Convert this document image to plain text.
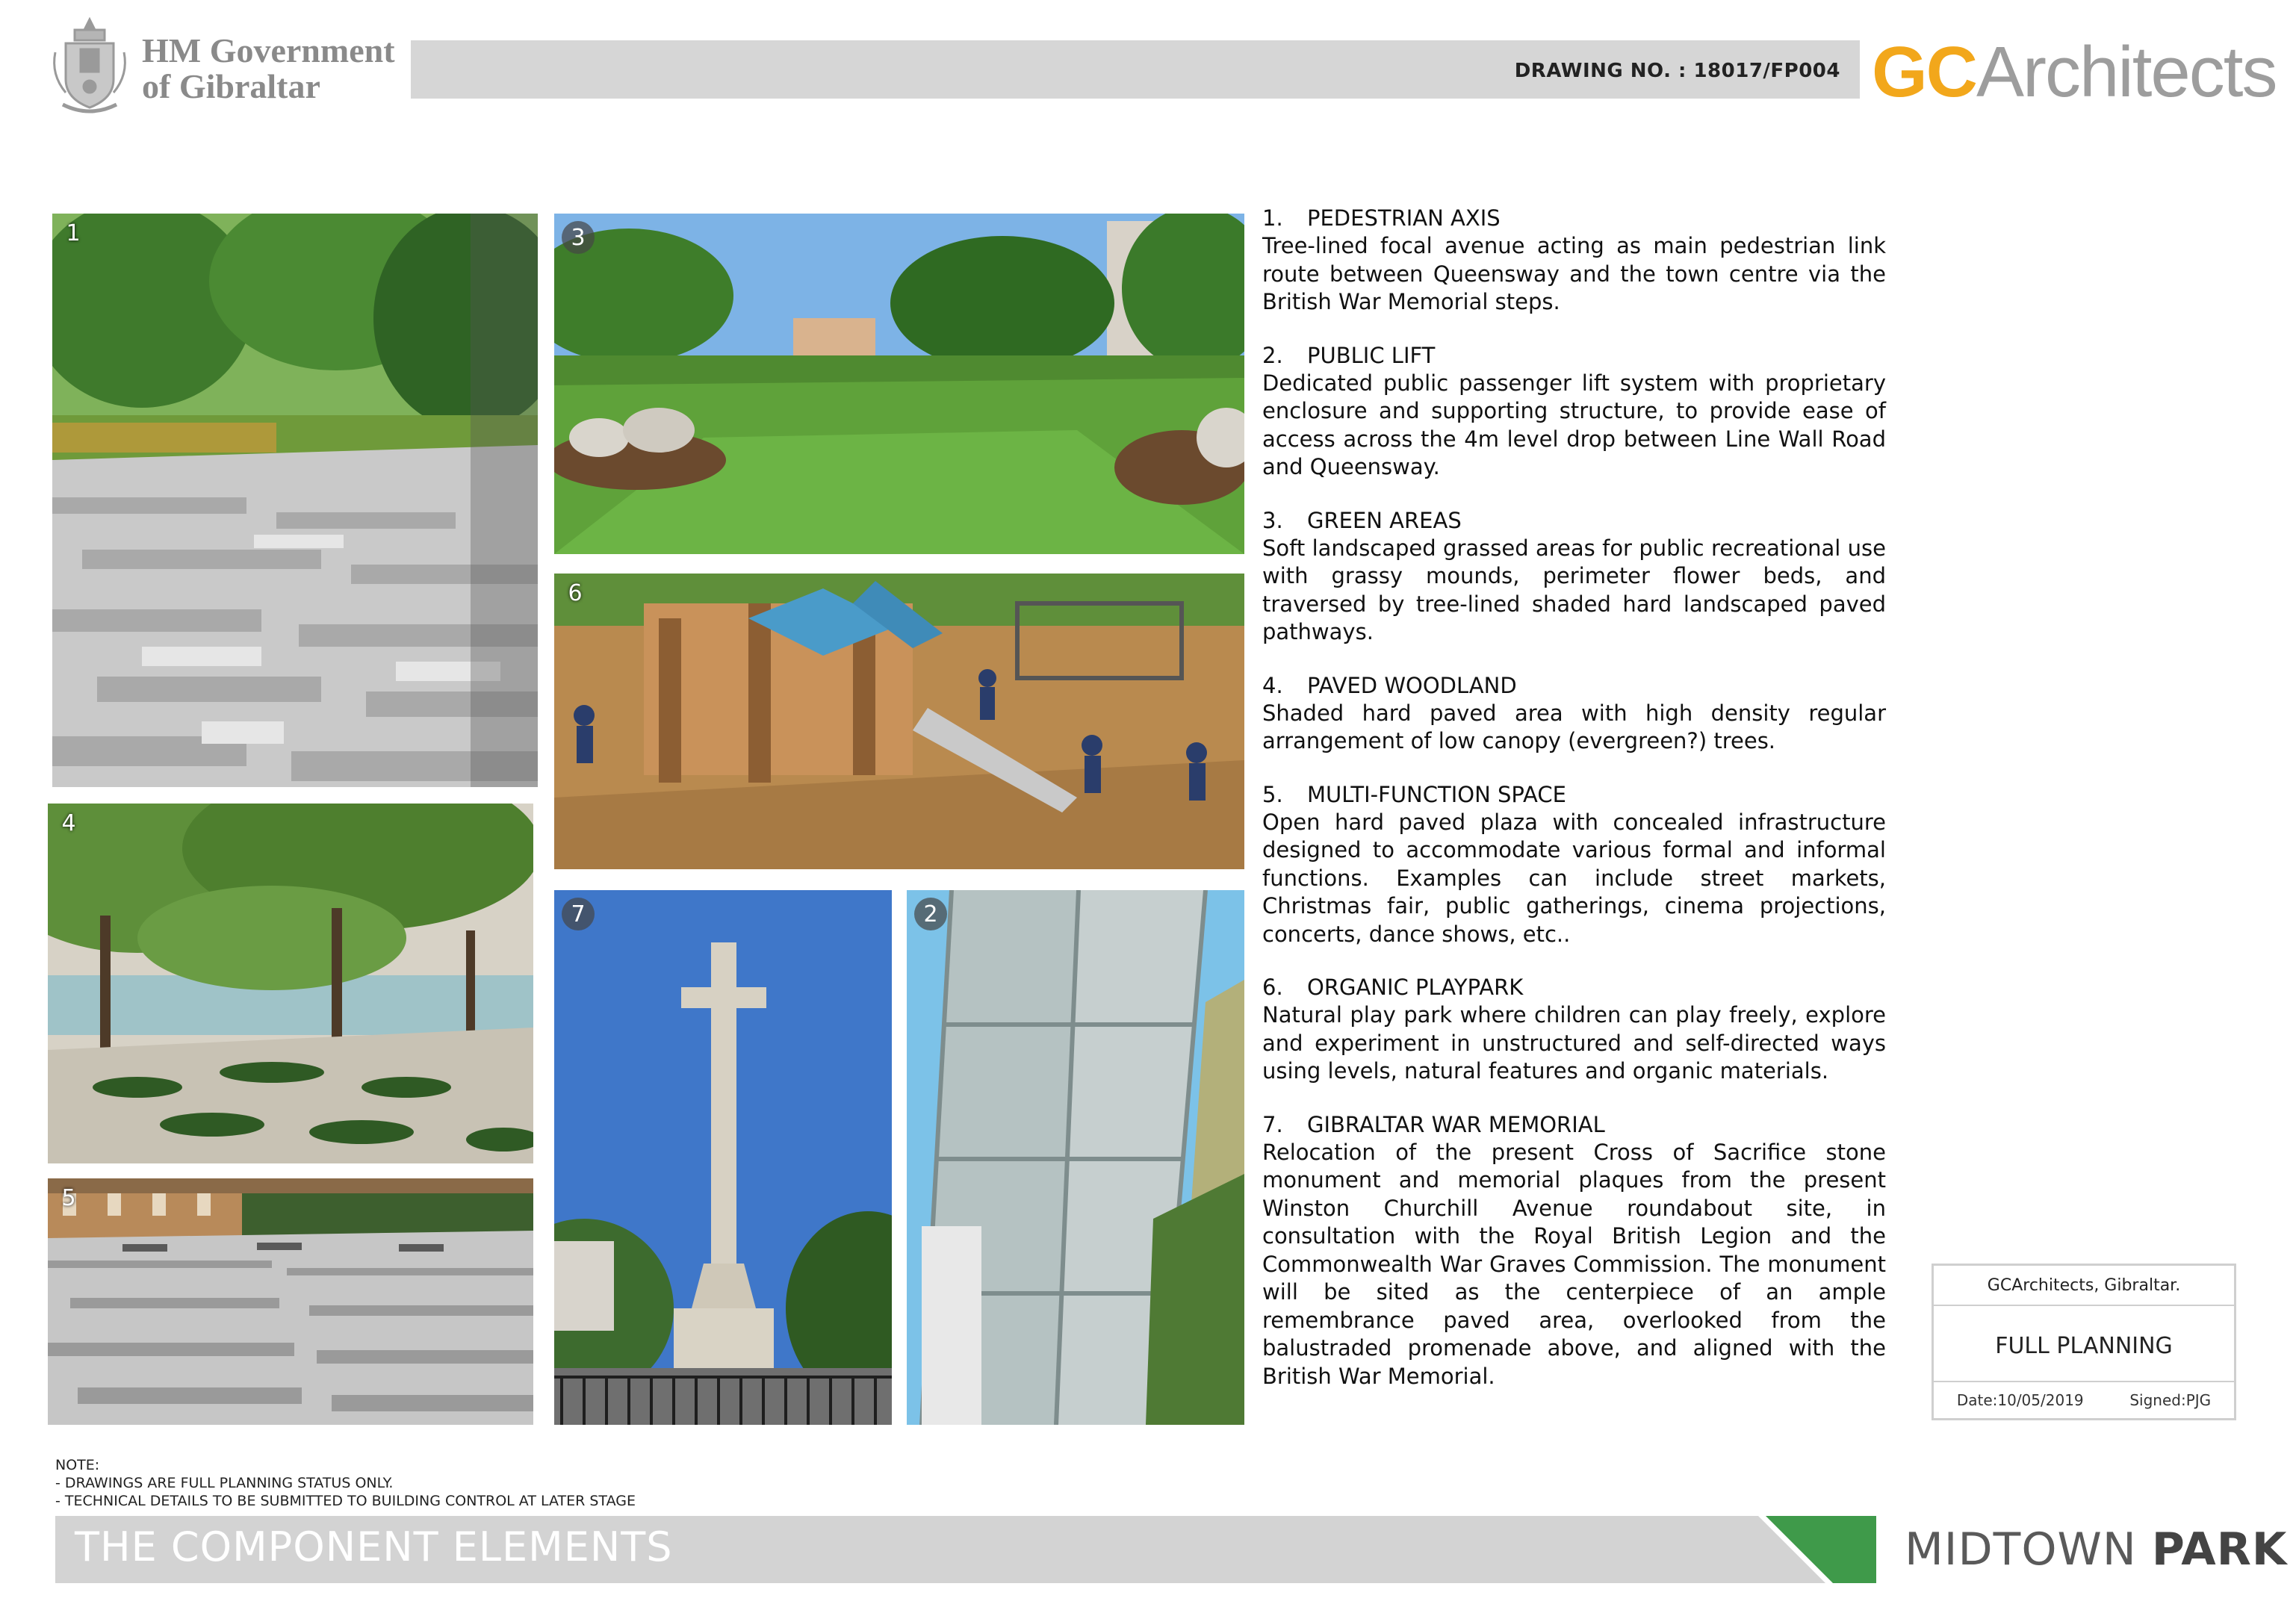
HM Government
of Gibraltar	DRAWING NO. : 18017/FP004 GCArchitects
1	3
6
4
5
7	2
1. PEDESTRIAN AXIS
Tree-lined focal avenue acting as main pedestrian link route between Queensway and the town centre via the British War Memorial steps.
2. PUBLIC LIFT
Dedicated public passenger lift system with proprietary enclosure and supporting structure, to provide ease of access across the 4m level drop between Line Wall Road and Queensway.
3. GREEN AREAS
Soft landscaped grassed areas for public recreational use with grassy mounds, perimeter flower beds, and traversed by tree-lined shaded hard landscaped paved pathways.
4. PAVED WOODLAND
Shaded hard paved area with high density regular arrangement of low canopy (evergreen?) trees.
5. MULTI-FUNCTION SPACE
Open hard paved plaza with concealed infrastructure designed to accommodate various formal and informal functions. Examples can include street markets, Christmas fair, public gatherings, cinema projections, concerts, dance shows, etc..
6. ORGANIC PLAYPARK
Natural play park where children can play freely, explore and experiment in unstructured and self-directed ways using levels, natural features and organic materials.
7. GIBRALTAR WAR MEMORIAL
Relocation of the present Cross of Sacrifice stone monument and memorial plaques from the present Winston Churchill Avenue roundabout site, in consultation with the Royal British Legion and the Commonwealth War Graves Commission. The monument will be sited as the centerpiece of an ample remembrance paved area, overlooked from the balustraded promenade above, and aligned with the British War Memorial.
GCArchitects, Gibraltar.
FULL PLANNING
Date:10/05/2019	Signed:PJG
NOTE:
- DRAWINGS ARE FULL PLANNING STATUS ONLY.
- TECHNICAL DETAILS TO BE SUBMITTED TO BUILDING CONTROL AT LATER STAGE
THE COMPONENT ELEMENTS	MIDTOWN PARK
